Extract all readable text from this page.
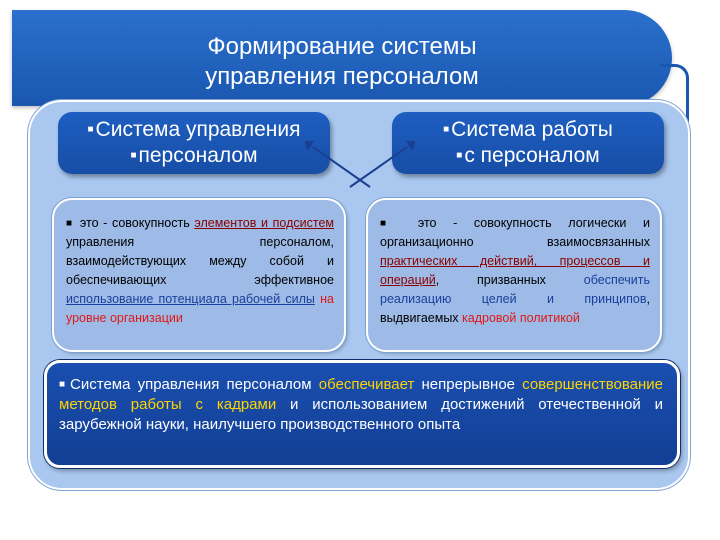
Формирование системы
управления персоналом
■Система управления
■персоналом
■Система работы
■с персоналом
■ это - совокупность элементов и подсистем управления персоналом, взаимодействующих между собой и обеспечивающих эффективное использование потенциала рабочей силы на уровне организации
■ это - совокупность логически и организационно взаимосвязанных практических действий, процессов и операций, призванных обеспечить реализацию целей и принципов, выдвигаемых кадровой политикой
■ Система управления персоналом обеспечивает непрерывное совершенствование методов работы с кадрами и использованием достижений отечественной и зарубежной науки, наилучшего производственного опыта
